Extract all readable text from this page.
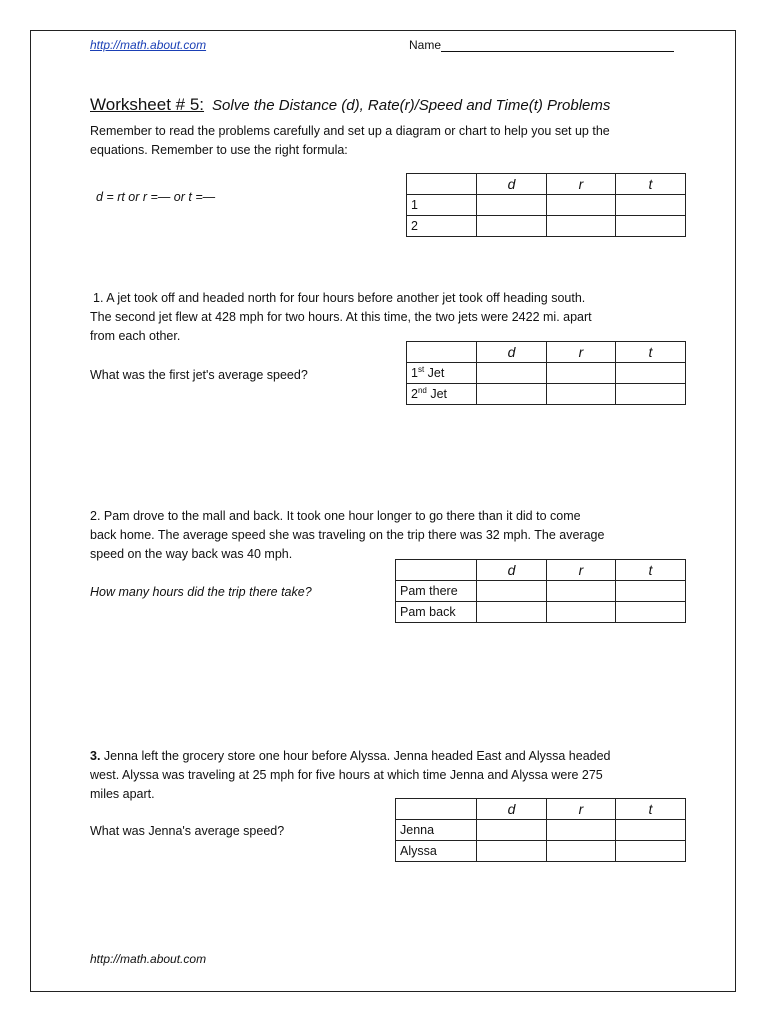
http://math.about.com	Name
Worksheet # 5: Solve the Distance (d), Rate(r)/Speed and Time(t) Problems
Remember to read the problems carefully and set up a diagram or chart to help you set up the
equations. Remember to use the right formula:
d = rt or r =— or t =—
	d	r	t
1			
2			
1. A jet took off and headed north for four hours before another jet took off heading south.
The second jet flew at 428 mph for two hours. At this time, the two jets were 2422 mi. apart
from each other.
What was the first jet's average speed?
	d	r	t
1st Jet			
2nd Jet			
2. Pam drove to the mall and back. It took one hour longer to go there than it did to come
back home. The average speed she was traveling on the trip there was 32 mph. The average
speed on the way back was 40 mph.
How many hours did the trip there take?
	d	r	t
Pam there			
Pam back			
3. Jenna left the grocery store one hour before Alyssa. Jenna headed East and Alyssa headed
west. Alyssa was traveling at 25 mph for five hours at which time Jenna and Alyssa were 275
miles apart.
What was Jenna's average speed?
	d	r	t
Jenna			
Alyssa			
http://math.about.com
